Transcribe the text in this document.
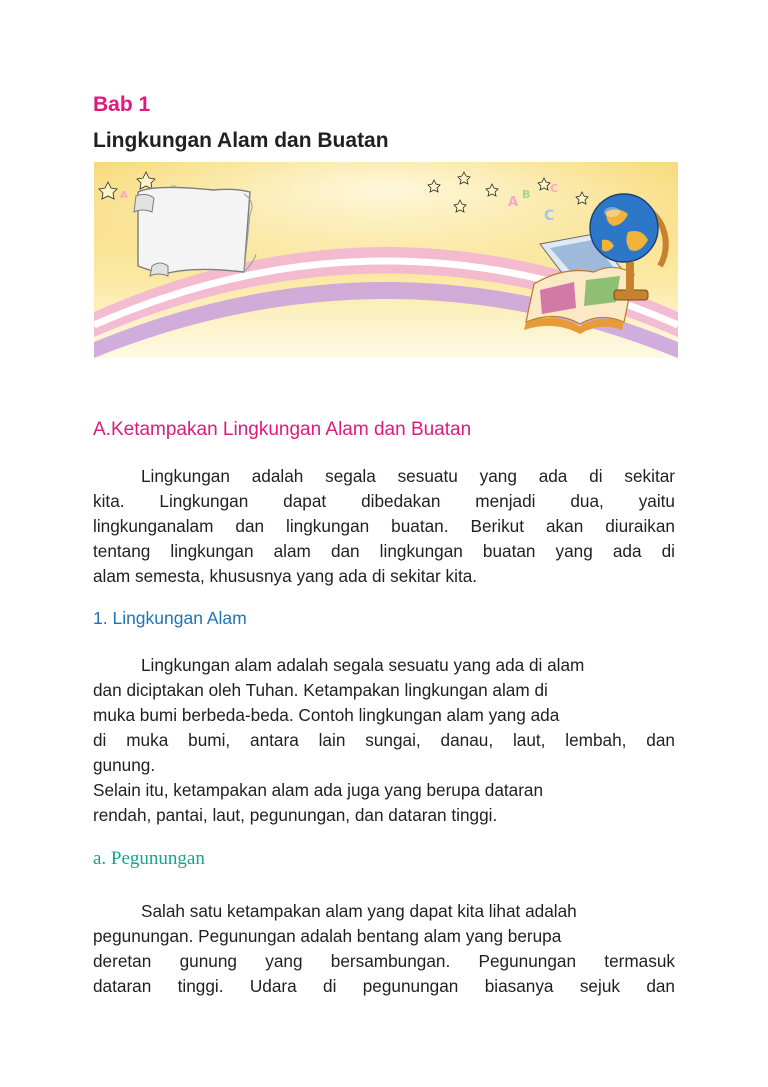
Bab 1
Lingkungan Alam dan Buatan
A
C
A
B
C
A.Ketampakan Lingkungan Alam dan Buatan
Lingkungan adalah segala sesuatu yang ada di sekitar
kita. Lingkungan dapat dibedakan menjadi dua, yaitu
lingkunganalam dan lingkungan buatan. Berikut akan diuraikan
tentang lingkungan alam dan lingkungan buatan yang ada di
alam semesta, khususnya yang ada di sekitar kita.
1. Lingkungan Alam
Lingkungan alam adalah segala sesuatu yang ada di alam
dan diciptakan oleh Tuhan. Ketampakan lingkungan alam di
muka bumi berbeda-beda. Contoh lingkungan alam yang ada
di muka bumi, antara lain sungai, danau, laut, lembah, dan
gunung.
Selain itu, ketampakan alam ada juga yang berupa dataran
rendah, pantai, laut, pegunungan, dan dataran tinggi.
a. Pegunungan
Salah satu ketampakan alam yang dapat kita lihat adalah
pegunungan. Pegunungan adalah bentang alam yang berupa
deretan gunung yang bersambungan. Pegunungan termasuk
dataran tinggi. Udara di pegunungan biasanya sejuk dan
